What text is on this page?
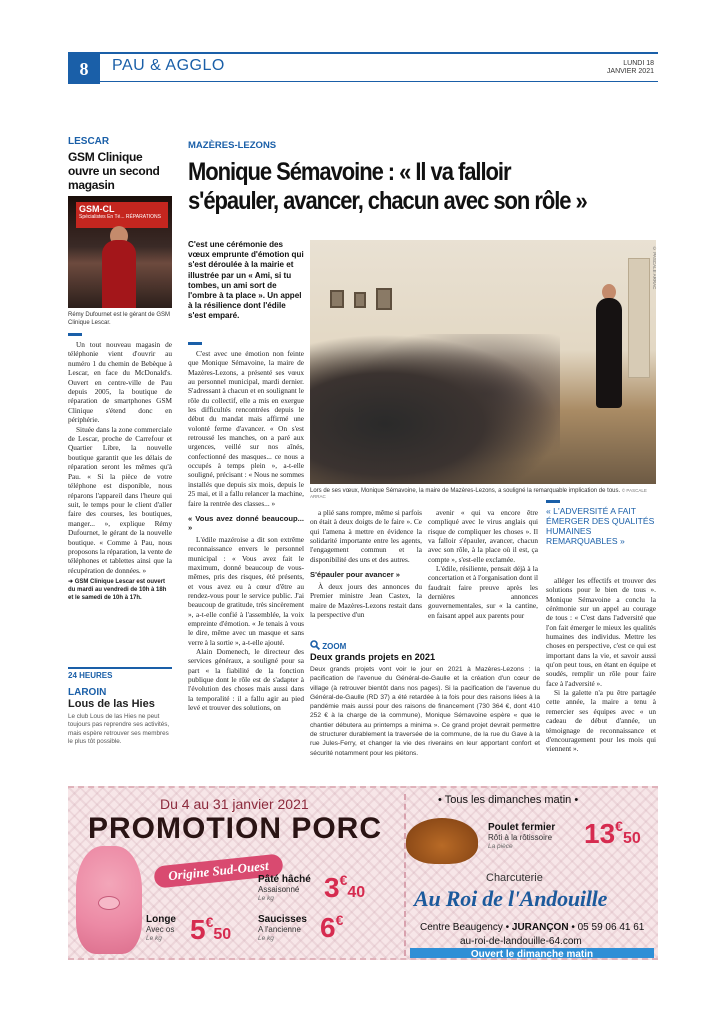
8	PAU & AGGLO	LUNDI 18
JANVIER 2021
LESCAR
GSM Clinique ouvre un second magasin
GSM-CL
Spécialistes En Té... RÉPARATIONS
Rémy Dufournet est le gérant de GSM Clinique Lescar.

Un tout nouveau magasin de téléphonie vient d'ouvrir au numéro 1 du chemin de Bebèque à Lescar, en face du McDonald's. Ouvert en centre-ville de Pau depuis 2005, la boutique de réparation de smartphones GSM Clinique s'étend donc en périphérie.

Située dans la zone commerciale de Lescar, proche de Carrefour et Quartier Libre, la nouvelle boutique garantit que les délais de réparation seront les mêmes qu'à Pau. « Si la pièce de votre téléphone est disponible, nous réparons l'appareil dans l'heure qui suit, le temps pour le client d'aller faire des courses, les boutiques, manger... », explique Rémy Dufournet, le gérant de la nouvelle boutique. « Comme à Pau, nous proposons la réparation, la vente de téléphones et tablettes ainsi que la récupération de données. »

➜ GSM Clinique Lescar est ouvert du mardi au vendredi de 10h à 18h et le samedi de 10h à 17h.
24 HEURES
LAROIN
Lous de las Hies
Le club Lous de las Hies ne peut toujours pas reprendre ses activités, mais espère retrouver ses membres le plus tôt possible.
MAZÈRES-LEZONS
Monique Sémavoine : « Il va falloir
s'épauler, avancer, chacun avec son rôle »
C'est une cérémonie des vœux emprunte d'émotion qui s'est déroulée à la mairie et illustrée par un « Ami, si tu tombes, un ami sort de l'ombre à ta place ». Un appel à la résilience dont l'édile s'est emparé.
© PASCALE ARRAC
Lors de ses vœux, Monique Sémavoine, la maire de Mazères-Lezons, a souligné la remarquable implication de tous. © PASCALE ARRAC

C'est avec une émotion non feinte que Monique Sémavoine, la maire de Mazères-Lezons, a présenté ses vœux au personnel municipal, mardi dernier. S'adressant à chacun et en soulignant le rôle du collectif, elle a mis en exergue les difficultés rencontrées depuis le début du mandat mais affirmé une volonté ferme d'avancer. « On s'est retroussé les manches, on a paré aux urgences, veillé sur nos aînés, confectionné des masques... ce nous a occupés à temps plein », a-t-elle souligné, précisant : « Nous ne sommes installés que depuis six mois, depuis le 25 mai, et il a fallu relancer la machine, faire la rentrée des classes... »

« Vous avez donné beaucoup... »

L'édile mazéroise a dit son extrême reconnaissance envers le personnel municipal : « Vous avez fait le maximum, donné beaucoup de vous-mêmes, pris des risques, été présents, et vous avez eu à cœur d'être au rendez-vous pour le service public. J'ai beaucoup de gratitude, très sincèrement », a-t-elle confié à l'assemblée, la voix empreinte d'émotion. « Je tenais à vous le dire, même avec un masque et sans verre à la sortie », a-t-elle ajouté.

Alain Domenech, le directeur des services généraux, a souligné pour sa part « la fiabilité de la fonction publique dont le rôle est de s'adapter à l'évolution des choses mais aussi dans la temporalité : il a fallu agir au pied levé et trouver des solutions, on

a plié sans rompre, même si parfois on était à deux doigts de le faire ». Ce qui l'amena à mettre en évidence la solidarité importante entre les agents, l'engagement commun et la disponibilité des uns et des autres.

S'épauler pour avancer »

À deux jours des annonces du Premier ministre Jean Castex, la maire de Mazères-Lezons restait dans la perspective d'un

avenir « qui va encore être compliqué avec le virus anglais qui risque de compliquer les choses ». Il va falloir s'épauler, avancer, chacun avec son rôle, à la place où il est, ça compte », s'est-elle exclamée.

L'édile, résiliente, pensait déjà à la concertation et à l'organisation dont il faudrait faire preuve après les dernières annonces gouvernementales, sur « la cantine, en faisant appel aux parents pour

« L'ADVERSITÉ A FAIT ÉMERGER DES QUALITÉS HUMAINES REMARQUABLES »

alléger les effectifs et trouver des solutions pour le bien de tous ». Monique Sémavoine a conclu la cérémonie sur un appel au courage de tous : « C'est dans l'adversité que l'on fait émerger le mieux les qualités humaines des individus. Mettre les choses en perspective, c'est ce qui est important dans la vie, et savoir aussi qu'on peut tous, en étant en équipe et soudés, remplir un rôle pour faire face à l'adversité ».

Si la galette n'a pu être partagée cette année, la maire a tenu à remercier ses équipes avec « un cadeau de début d'année, un témoignage de reconnaissance et d'encouragement pour les mois qui viennent ».

ZOOM
Deux grands projets en 2021
Deux grands projets vont voir le jour en 2021 à Mazères-Lezons : la pacification de l'avenue du Général-de-Gaulle et la création d'un cœur de village (à retrouver bientôt dans nos pages). Si la pacification de l'avenue du Général-de-Gaulle (RD 37) a été retardée à la fois pour des raisons liées à la pandémie mais aussi pour des raisons de financement (730 364 €, dont 410 252 € à la charge de la commune), Monique Sémavoine espère « que le chantier débutera au printemps a minima ». Ce grand projet devrait permettre de structurer durablement la traversée de la commune, de la rue du Gave à la rue Jules-Ferry, et changer la vie des riverains en leur apportant confort et sécurité notamment pour les piétons.
Du 4 au 31 janvier 2021
PROMOTION PORC
Origine Sud-Ouest
Pâté hâché
Assaisonné
Le kg	3€40
Longe
Avec os
Le kg	5€50
Saucisses
A l'ancienne
Le kg	6€
• Tous les dimanches matin •
Poulet fermier
Rôti à la rôtissoire
La pièce	13€50
Charcuterie
Au Roi de l'Andouille
Centre Beaugency • JURANÇON • 05 59 06 41 61
au-roi-de-landouille-64.com
Ouvert le dimanche matin
